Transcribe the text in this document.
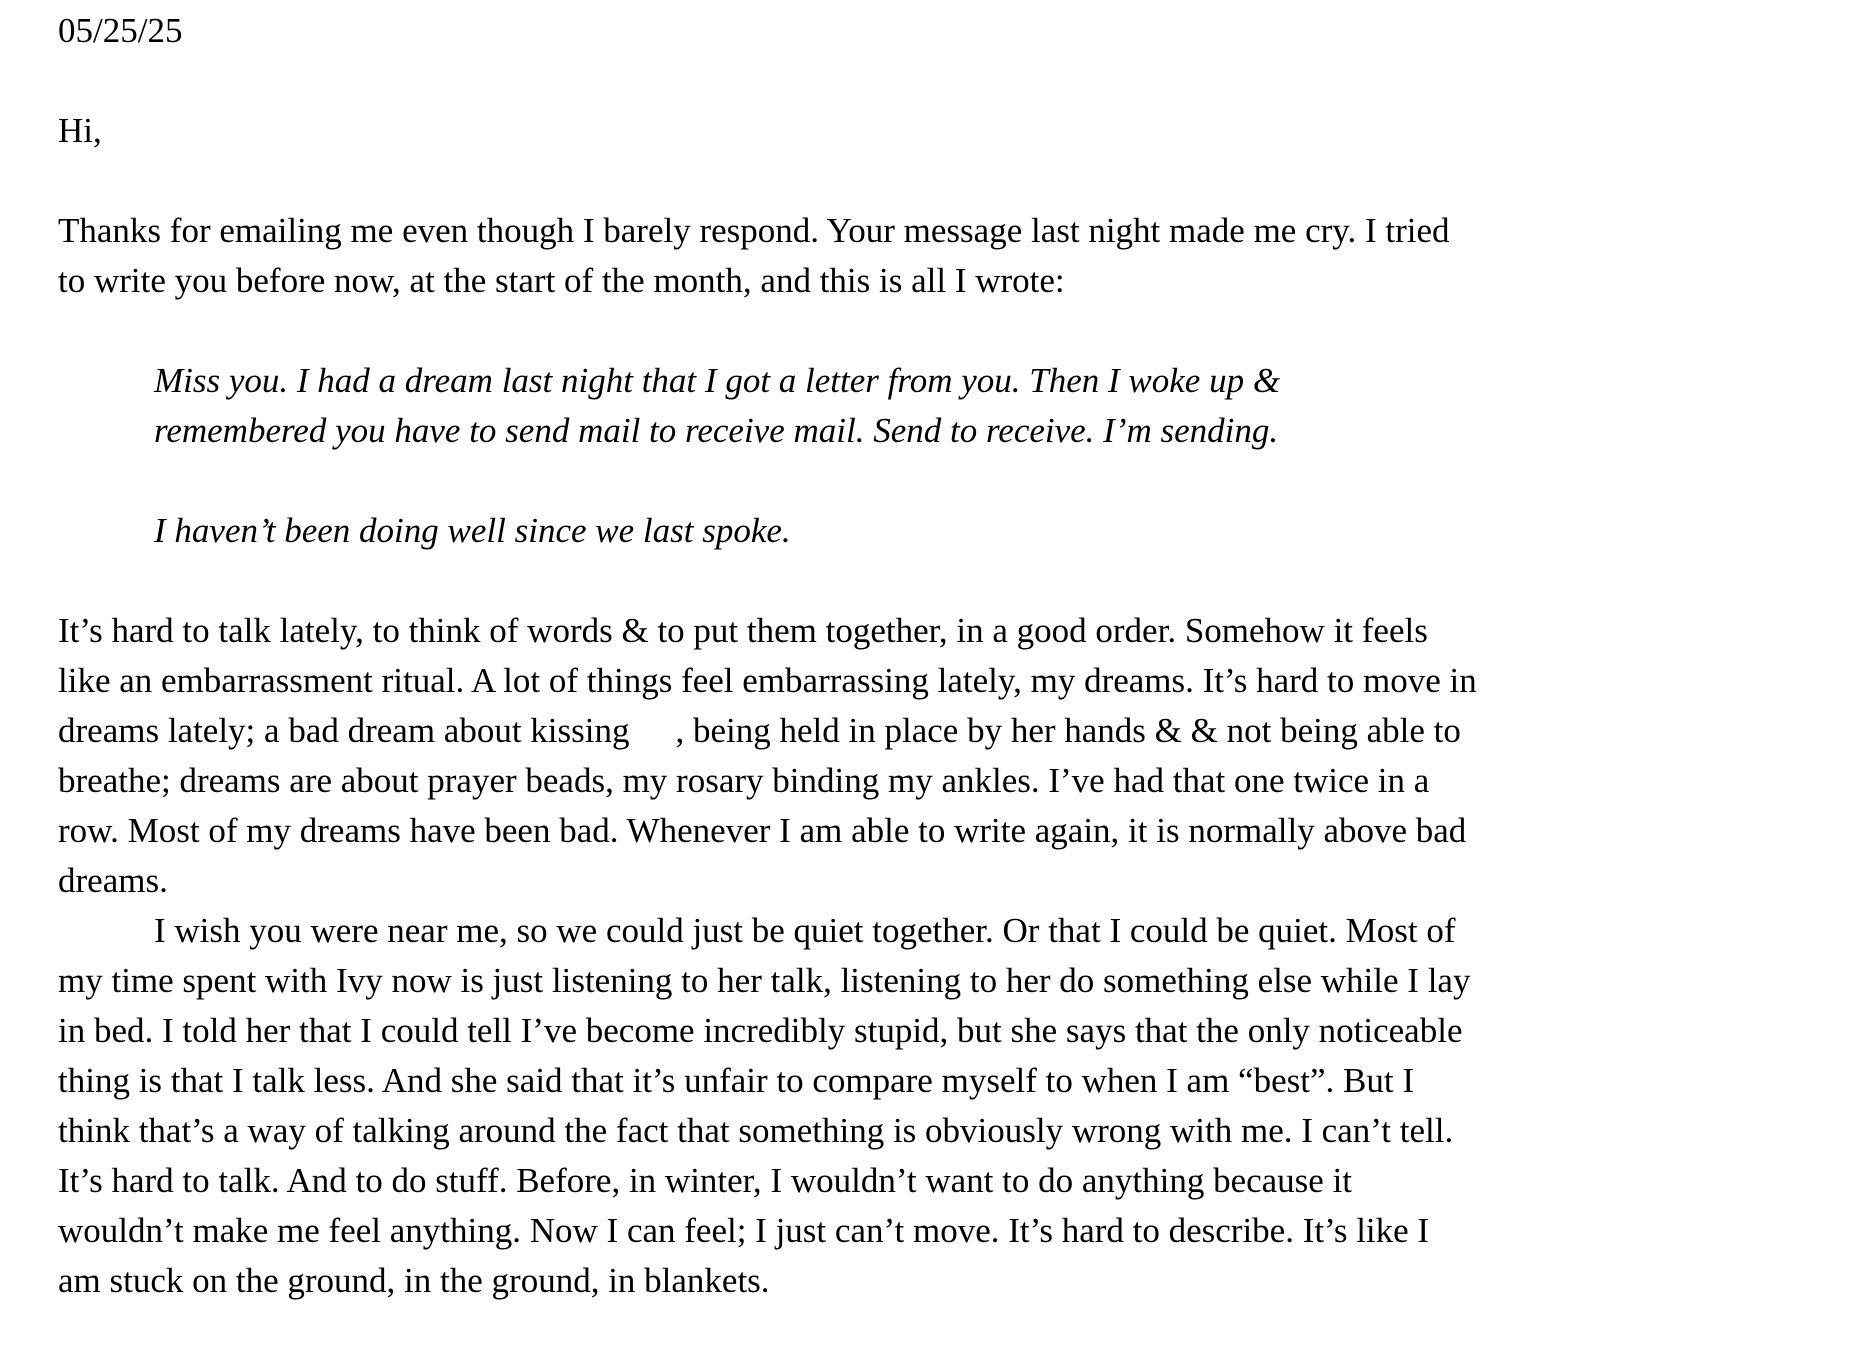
05/25/25

Hi,

Thanks for emailing me even though I barely respond. Your message last night made me cry. I tried to write you before now, at the start of the month, and this is all I wrote:

Miss you. I had a dream last night that I got a letter from you. Then I woke up & remembered you have to send mail to receive mail. Send to receive. I’m sending.

I haven’t been doing well since we last spoke.

It’s hard to talk lately, to think of words & to put them together, in a good order. Somehow it feels like an embarrassment ritual. A lot of things feel embarrassing lately, my dreams. It’s hard to move in dreams lately; a bad dream about kissing , being held in place by her hands & & not being able to breathe; dreams are about prayer beads, my rosary binding my ankles. I’ve had that one twice in a row. Most of my dreams have been bad. Whenever I am able to write again, it is normally above bad dreams.

I wish you were near me, so we could just be quiet together. Or that I could be quiet. Most of my time spent with Ivy now is just listening to her talk, listening to her do something else while I lay in bed. I told her that I could tell I’ve become incredibly stupid, but she says that the only noticeable thing is that I talk less. And she said that it’s unfair to compare myself to when I am “best”. But I think that’s a way of talking around the fact that something is obviously wrong with me. I can’t tell. It’s hard to talk. And to do stuff. Before, in winter, I wouldn’t want to do anything because it wouldn’t make me feel anything. Now I can feel; I just can’t move. It’s hard to describe. It’s like I am stuck on the ground, in the ground, in blankets.
